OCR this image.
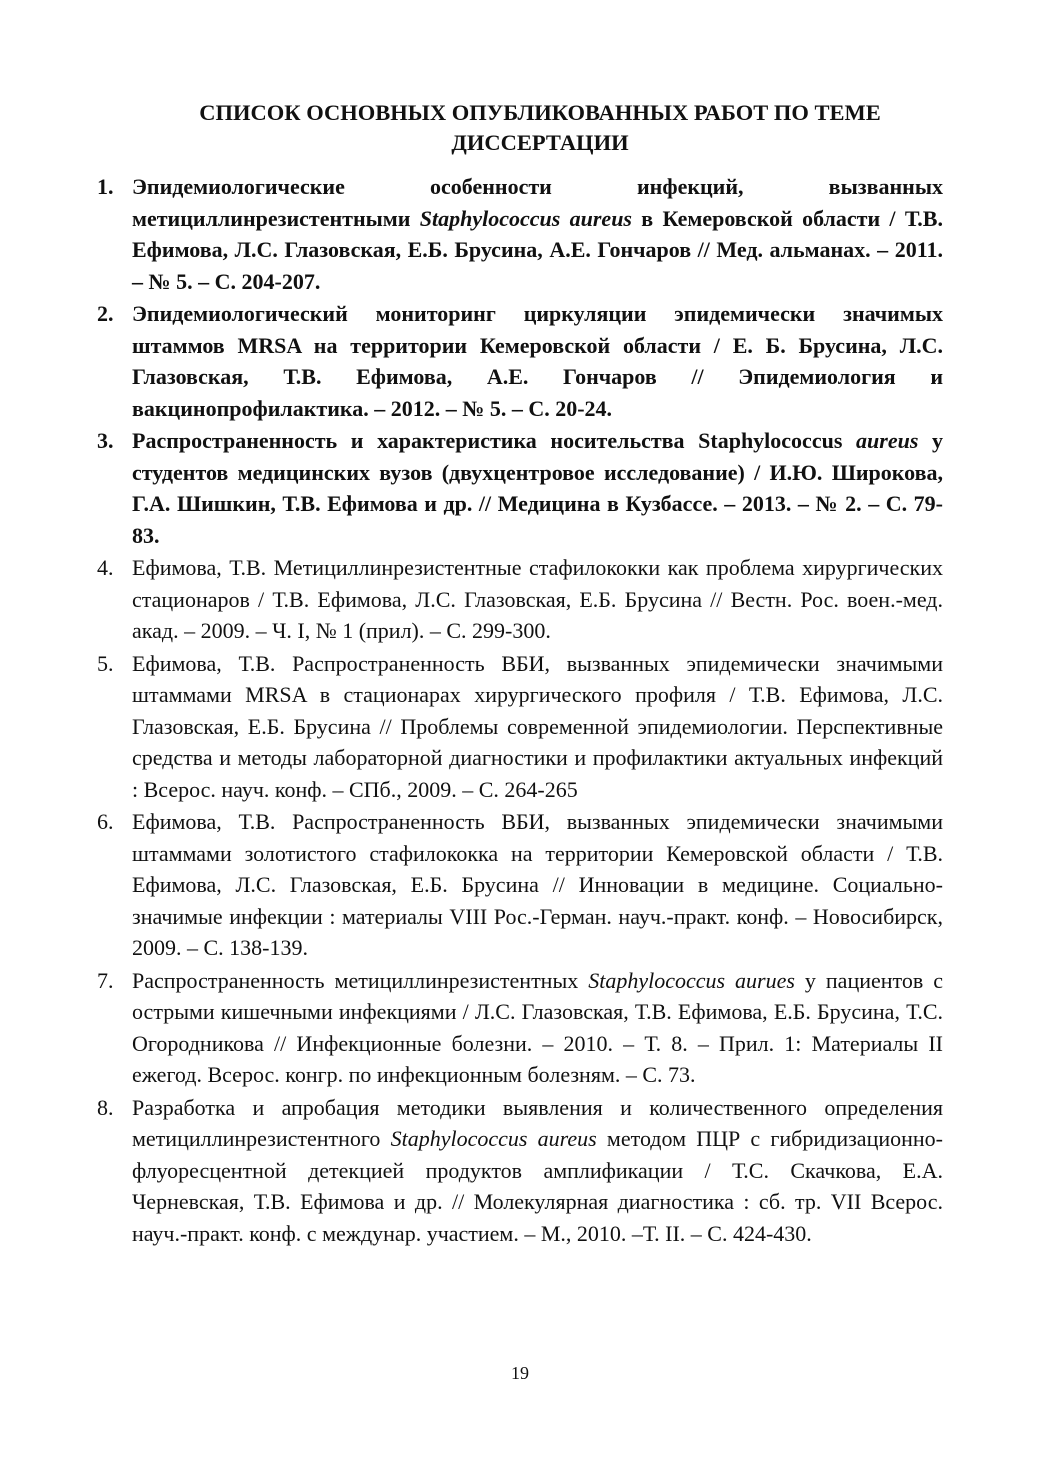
СПИСОК ОСНОВНЫХ ОПУБЛИКОВАННЫХ РАБОТ ПО ТЕМЕ ДИССЕРТАЦИИ
1. Эпидемиологические особенности инфекций, вызванных метициллинрезистентными Staphylococcus aureus в Кемеровской области / Т.В. Ефимова, Л.С. Глазовская, Е.Б. Брусина, А.Е. Гончаров // Мед. альманах. – 2011. – № 5. – С. 204-207.
2. Эпидемиологический мониторинг циркуляции эпидемически значимых штаммов MRSA на территории Кемеровской области / Е. Б. Брусина, Л.С. Глазовская, Т.В. Ефимова, А.Е. Гончаров // Эпидемиология и вакцинопрофилактика. – 2012. – № 5. – С. 20-24.
3. Распространенность и характеристика носительства Staphylococcus aureus у студентов медицинских вузов (двухцентровое исследование) / И.Ю. Широкова, Г.А. Шишкин, Т.В. Ефимова и др. // Медицина в Кузбассе. – 2013. – № 2. – С. 79-83.
4. Ефимова, Т.В. Метициллинрезистентные стафилококки как проблема хирургических стационаров / Т.В. Ефимова, Л.С. Глазовская, Е.Б. Брусина // Вестн. Рос. воен.-мед. акад. – 2009. – Ч. I, № 1 (прил). – С. 299-300.
5. Ефимова, Т.В. Распространенность ВБИ, вызванных эпидемически значимыми штаммами MRSA в стационарах хирургического профиля / Т.В. Ефимова, Л.С. Глазовская, Е.Б. Брусина // Проблемы современной эпидемиологии. Перспективные средства и методы лабораторной диагностики и профилактики актуальных инфекций : Всерос. науч. конф. – СПб., 2009. – С. 264-265
6. Ефимова, Т.В. Распространенность ВБИ, вызванных эпидемически значимыми штаммами золотистого стафилококка на территории Кемеровской области / Т.В. Ефимова, Л.С. Глазовская, Е.Б. Брусина // Инновации в медицине. Социально-значимые инфекции : материалы VIII Рос.-Герман. науч.-практ. конф. – Новосибирск, 2009. – С. 138-139.
7. Распространенность метициллинрезистентных Staphylococcus aurues у пациентов с острыми кишечными инфекциями / Л.С. Глазовская, Т.В. Ефимова, Е.Б. Брусина, Т.С. Огородникова // Инфекционные болезни. – 2010. – Т. 8. – Прил. 1: Материалы II ежегод. Всерос. конгр. по инфекционным болезням. – С. 73.
8. Разработка и апробация методики выявления и количественного определения метициллинрезистентного Staphylococcus aureus методом ПЦР с гибридизационно-флуоресцентной детекцией продуктов амплификации / Т.С. Скачкова, Е.А. Черневская, Т.В. Ефимова и др. // Молекулярная диагностика : сб. тр. VII Всерос. науч.-практ. конф. с междунар. участием. – М., 2010. –Т. II. – С. 424-430.
19
